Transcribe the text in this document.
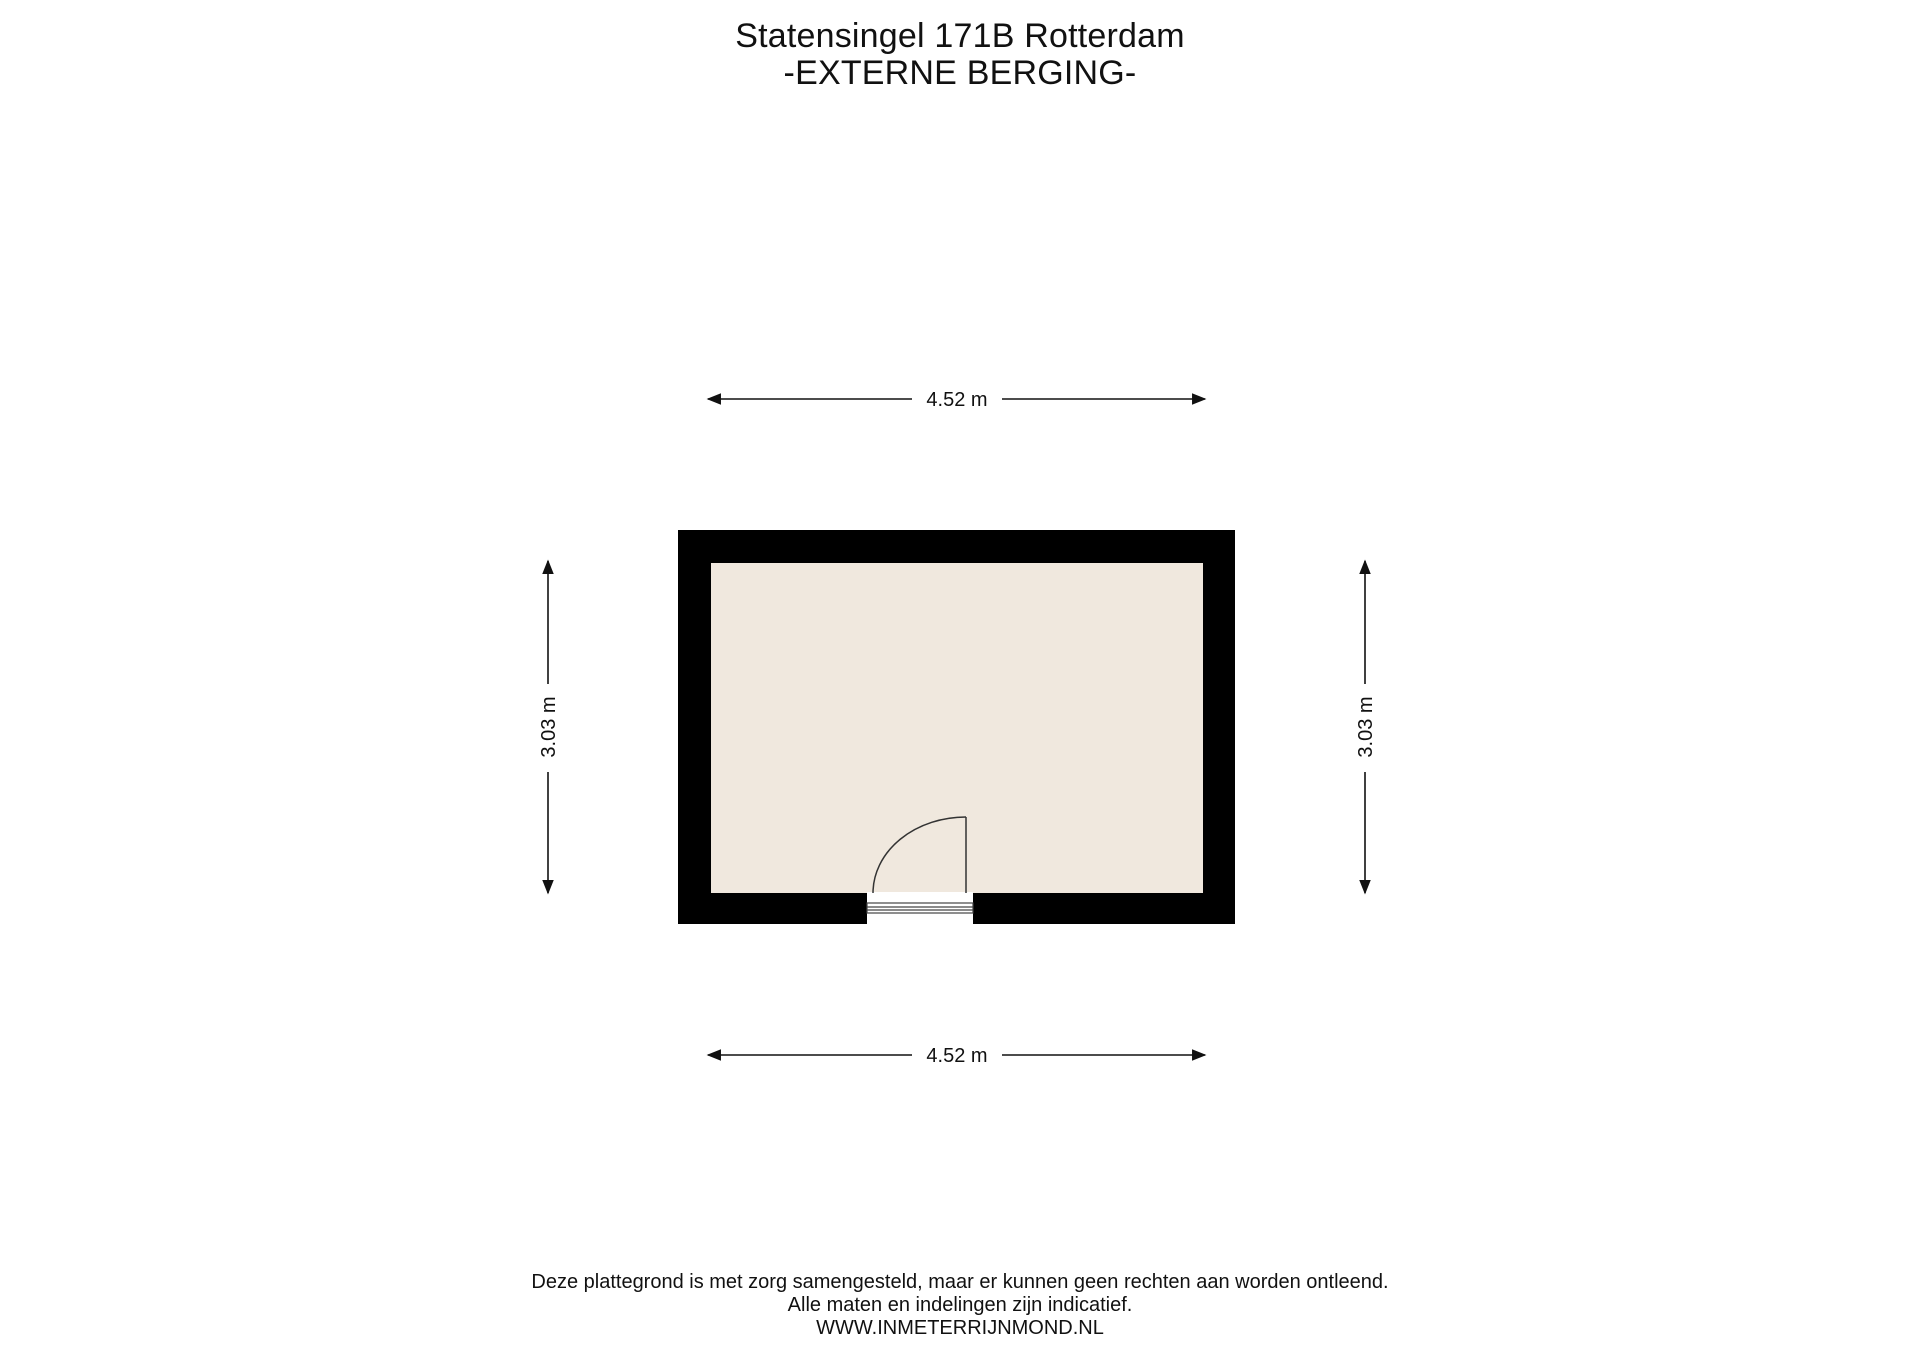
Statensingel 171B Rotterdam
-EXTERNE BERGING-
4.52 m
4.52 m
3.03 m	3.03 m
Deze plattegrond is met zorg samengesteld, maar er kunnen geen rechten aan worden ontleend.
Alle maten en indelingen zijn indicatief.
WWW.INMETERRIJNMOND.NL
